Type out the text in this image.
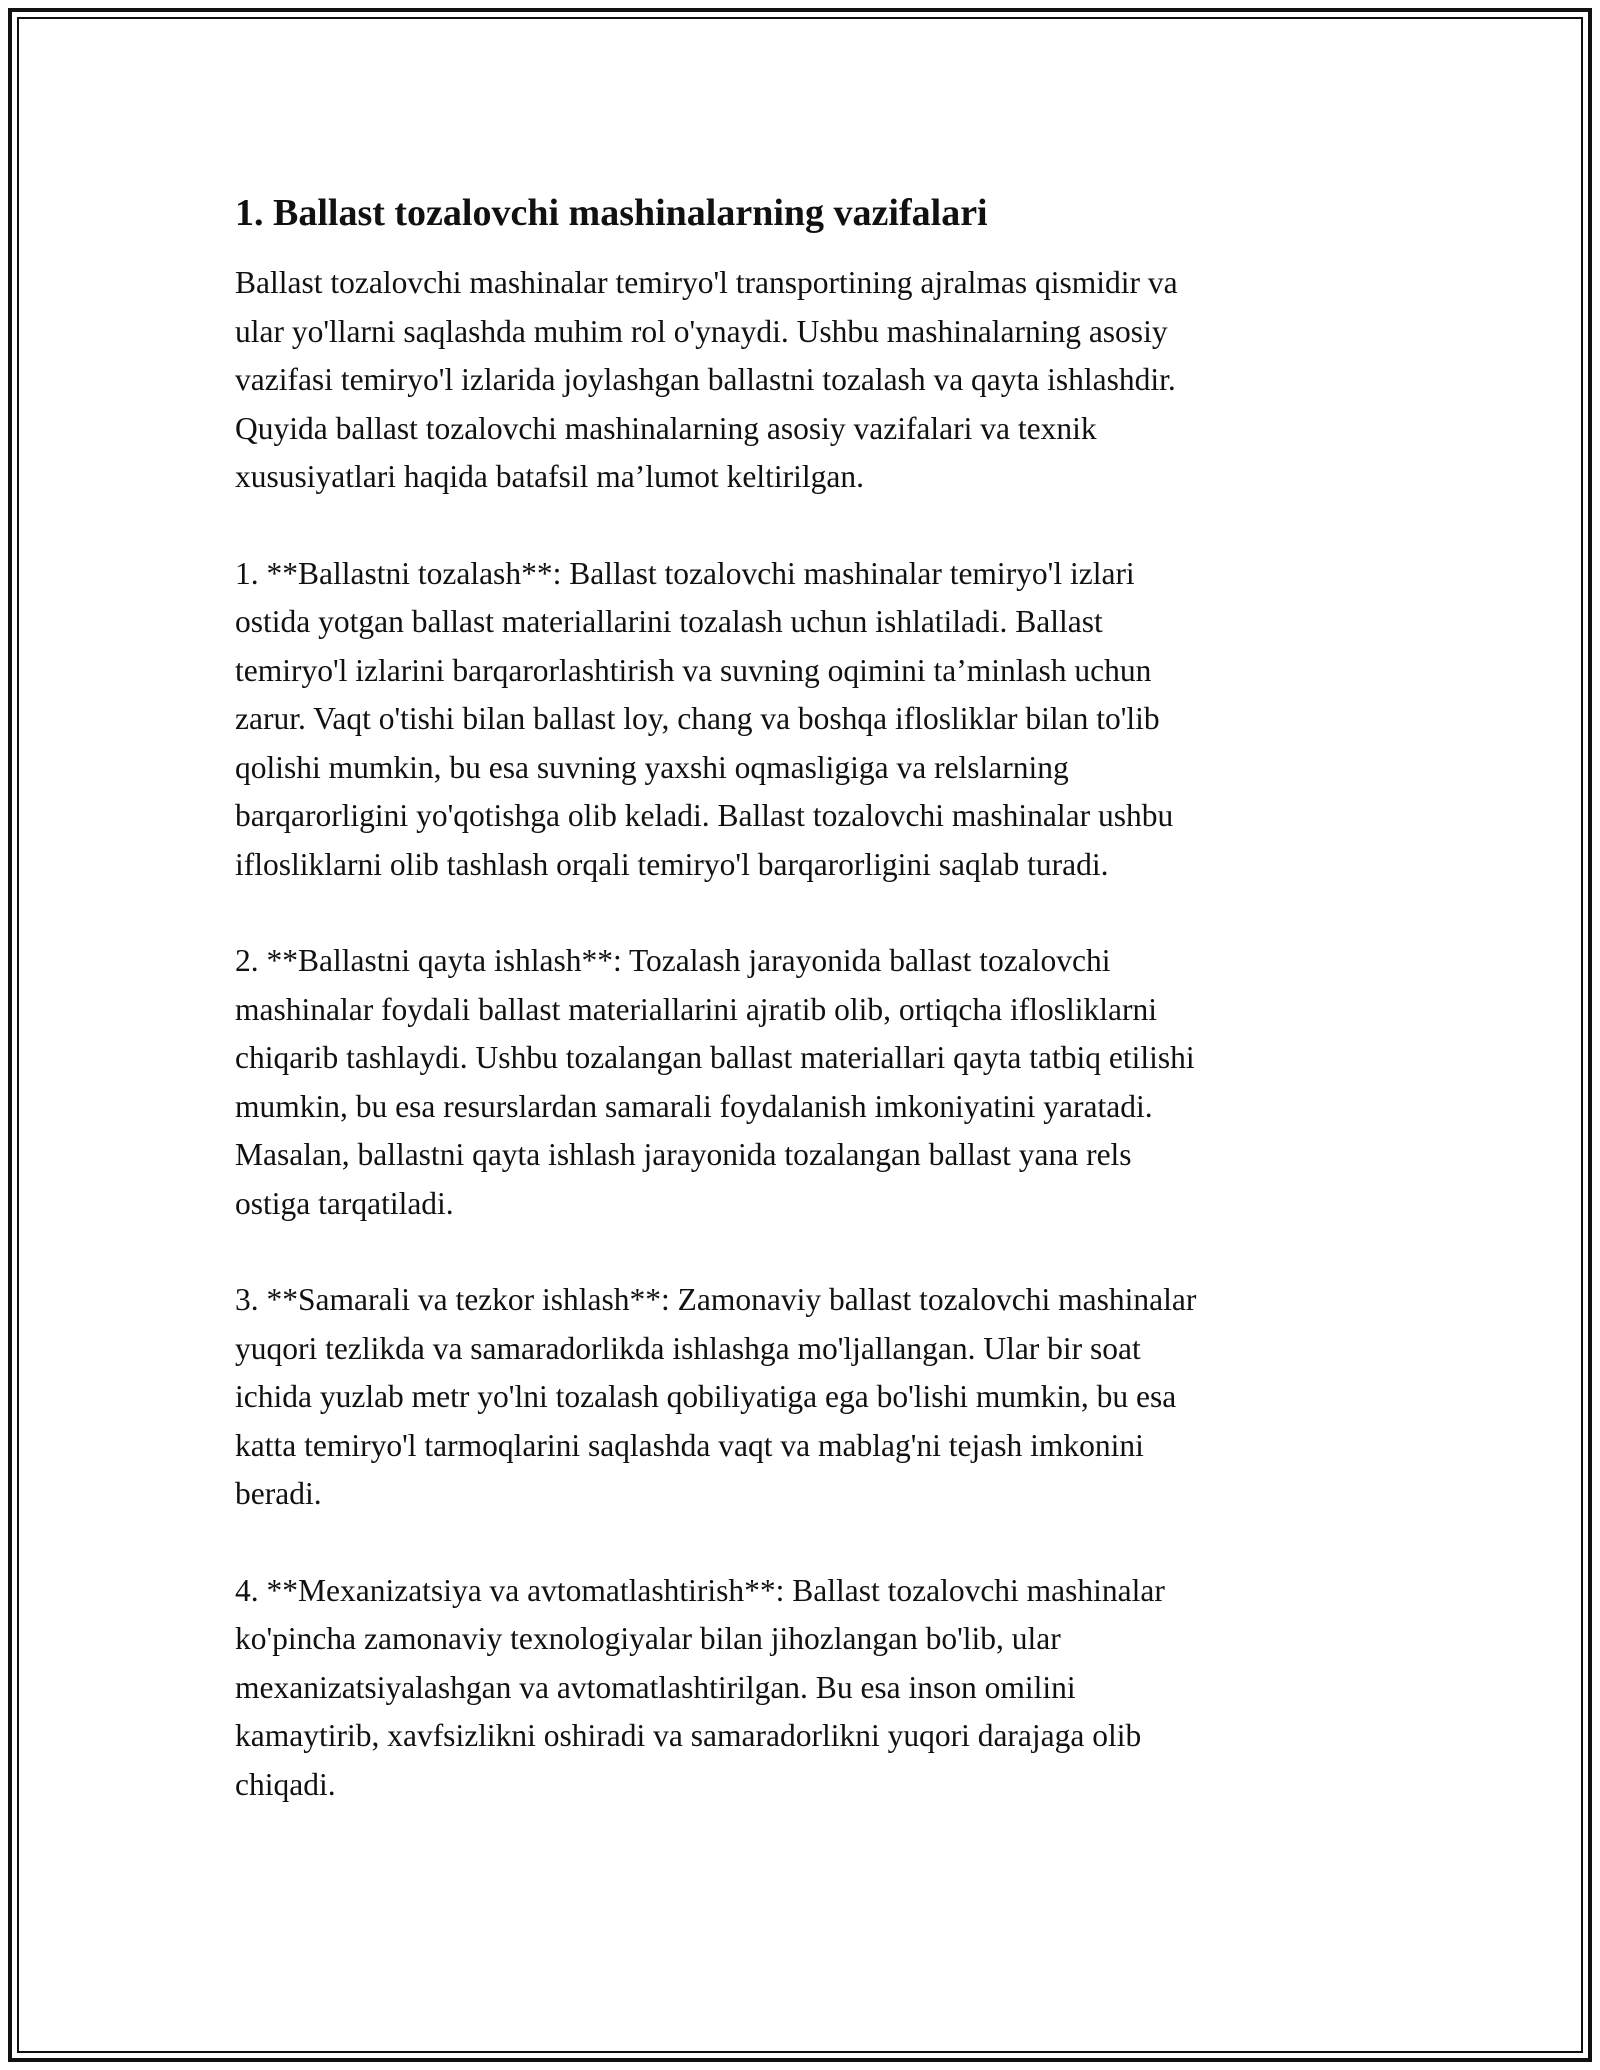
1. Ballast tozalovchi mashinalarning vazifalari

Ballast tozalovchi mashinalar temiryo'l transportining ajralmas qismidir va
ular yo'llarni saqlashda muhim rol o'ynaydi. Ushbu mashinalarning asosiy
vazifasi temiryo'l izlarida joylashgan ballastni tozalash va qayta ishlashdir.
Quyida ballast tozalovchi mashinalarning asosiy vazifalari va texnik
xususiyatlari haqida batafsil ma’lumot keltirilgan.

1. **Ballastni tozalash**: Ballast tozalovchi mashinalar temiryo'l izlari
ostida yotgan ballast materiallarini tozalash uchun ishlatiladi. Ballast
temiryo'l izlarini barqarorlashtirish va suvning oqimini ta’minlash uchun
zarur. Vaqt o'tishi bilan ballast loy, chang va boshqa iflosliklar bilan to'lib
qolishi mumkin, bu esa suvning yaxshi oqmasligiga va relslarning
barqarorligini yo'qotishga olib keladi. Ballast tozalovchi mashinalar ushbu
iflosliklarni olib tashlash orqali temiryo'l barqarorligini saqlab turadi.

2. **Ballastni qayta ishlash**: Tozalash jarayonida ballast tozalovchi
mashinalar foydali ballast materiallarini ajratib olib, ortiqcha iflosliklarni
chiqarib tashlaydi. Ushbu tozalangan ballast materiallari qayta tatbiq etilishi
mumkin, bu esa resurslardan samarali foydalanish imkoniyatini yaratadi.
Masalan, ballastni qayta ishlash jarayonida tozalangan ballast yana rels
ostiga tarqatiladi.

3. **Samarali va tezkor ishlash**: Zamonaviy ballast tozalovchi mashinalar
yuqori tezlikda va samaradorlikda ishlashga mo'ljallangan. Ular bir soat
ichida yuzlab metr yo'lni tozalash qobiliyatiga ega bo'lishi mumkin, bu esa
katta temiryo'l tarmoqlarini saqlashda vaqt va mablag'ni tejash imkonini
beradi.

4. **Mexanizatsiya va avtomatlashtirish**: Ballast tozalovchi mashinalar
ko'pincha zamonaviy texnologiyalar bilan jihozlangan bo'lib, ular
mexanizatsiyalashgan va avtomatlashtirilgan. Bu esa inson omilini
kamaytirib, xavfsizlikni oshiradi va samaradorlikni yuqori darajaga olib
chiqadi.
